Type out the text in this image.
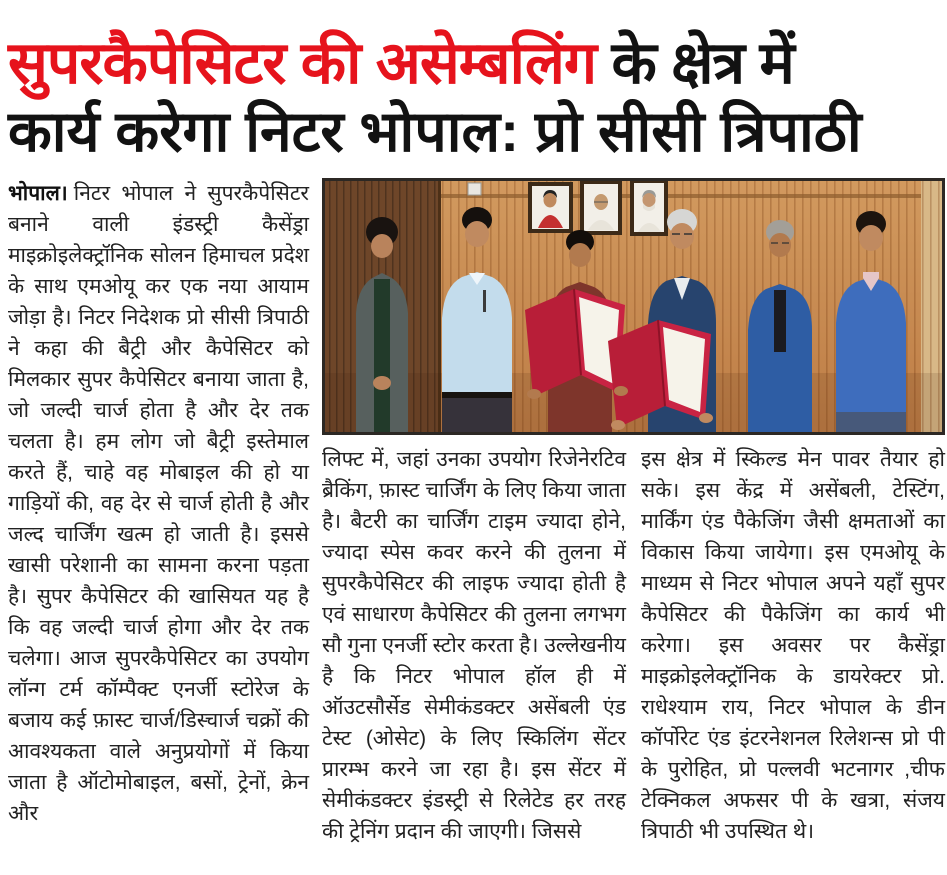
सुपरकैपेसिटर की असेम्बलिंग के क्षेत्र में
कार्य करेगा निटर भोपाल: प्रो सीसी त्रिपाठी
भोपाल। निटर भोपाल ने सुपरकैपेसिटर बनाने वाली इंडस्ट्री कैसेंड्रा माइक्रोइलेक्ट्रॉनिक सोलन हिमाचल प्रदेश के साथ एमओयू कर एक नया आयाम जोड़ा है। निटर निदेशक प्रो सीसी त्रिपाठी ने कहा की बैट्री और कैपेसिटर को मिलकार सुपर कैपेसिटर बनाया जाता है, जो जल्दी चार्ज होता है और देर तक चलता है। हम लोग जो बैट्री इस्तेमाल करते हैं, चाहे वह मोबाइल की हो या गाड़ियों की, वह देर से चार्ज होती है और जल्द चार्जिंग खत्म हो जाती है। इससे खासी परेशानी का सामना करना पड़ता है। सुपर कैपेसिटर की खासियत यह है कि वह जल्दी चार्ज होगा और देर तक चलेगा। आज सुपरकैपेसिटर का उपयोग लॉन्ग टर्म कॉम्पैक्ट एनर्जी स्टोरेज के बजाय कई फ़ास्ट चार्ज/डिस्चार्ज चक्रों की आवश्यकता वाले अनुप्रयोगों में किया जाता है ऑटोमोबाइल, बसों, ट्रेनों, क्रेन और
लिफ्ट में, जहां उनका उपयोग रिजेनेरटिव ब्रैकिंग, फ़ास्ट चार्जिंग के लिए किया जाता है। बैटरी का चार्जिंग टाइम ज्यादा होने, ज्यादा स्पेस कवर करने की तुलना में सुपरकैपेसिटर की लाइफ ज्यादा होती है एवं साधारण कैपेसिटर की तुलना लगभग सौ गुना एनर्जी स्टोर करता है। उल्लेखनीय है कि निटर भोपाल हॉल ही में ऑउटसौर्सेड सेमीकंडक्टर असेंबली एंड टेस्ट (ओसेट) के लिए स्किलिंग सेंटर प्रारम्भ करने जा रहा है। इस सेंटर में सेमीकंडक्टर इंडस्ट्री से रिलेटेड हर तरह की ट्रेनिंग प्रदान की जाएगी। जिससे
इस क्षेत्र में स्किल्ड मेन पावर तैयार हो सके। इस केंद्र में असेंबली, टेस्टिंग, मार्किंग एंड पैकेजिंग जैसी क्षमताओं का विकास किया जायेगा। इस एमओयू के माध्यम से निटर भोपाल अपने यहाँ सुपर कैपेसिटर की पैकेजिंग का कार्य भी करेगा। इस अवसर पर कैसेंड्रा माइक्रोइलेक्ट्रॉनिक के डायरेक्टर प्रो. राधेश्याम राय, निटर भोपाल के डीन कॉर्पोरेट एंड इंटरनेशनल रिलेशन्स प्रो पी के पुरोहित, प्रो पल्लवी भटनागर ,चीफ टेक्निकल अफसर पी के खत्रा, संजय त्रिपाठी भी उपस्थित थे।
